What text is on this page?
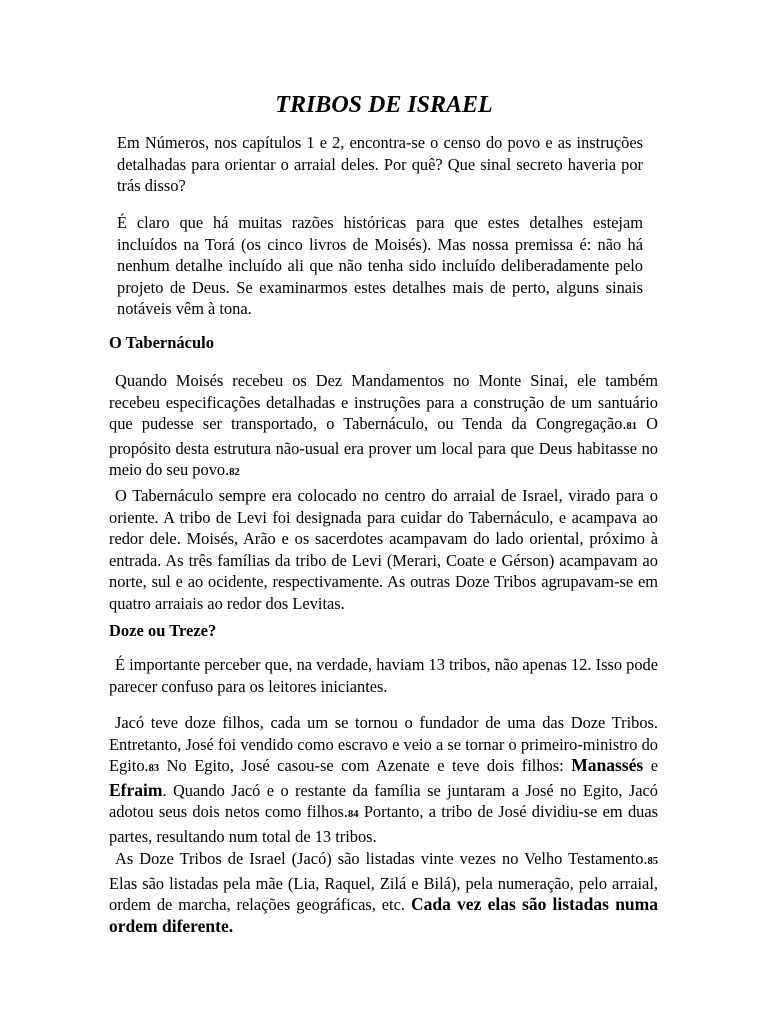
TRIBOS DE ISRAEL

Em Números, nos capítulos 1 e 2, encontra-se o censo do povo e as instruções detalhadas para orientar o arraial deles. Por quê? Que sinal secreto haveria por trás disso?

É claro que há muitas razões históricas para que estes detalhes estejam incluídos na Torá (os cinco livros de Moisés). Mas nossa premissa é: não há nenhum detalhe incluído ali que não tenha sido incluído deliberadamente pelo projeto de Deus. Se examinarmos estes detalhes mais de perto, alguns sinais notáveis vêm à tona.

O Tabernáculo

Quando Moisés recebeu os Dez Mandamentos no Monte Sinai, ele também recebeu especificações detalhadas e instruções para a construção de um santuário que pudesse ser transportado, o Tabernáculo, ou Tenda da Congregação.81 O propósito desta estrutura não-usual era prover um local para que Deus habitasse no meio do seu povo.82

O Tabernáculo sempre era colocado no centro do arraial de Israel, virado para o oriente. A tribo de Levi foi designada para cuidar do Tabernáculo, e acampava ao redor dele. Moisés, Arão e os sacerdotes acampavam do lado oriental, próximo à entrada. As três famílias da tribo de Levi (Merari, Coate e Gérson) acampavam ao norte, sul e ao ocidente, respectivamente. As outras Doze Tribos agrupavam-se em quatro arraiais ao redor dos Levitas.

Doze ou Treze?

É importante perceber que, na verdade, haviam 13 tribos, não apenas 12. Isso pode parecer confuso para os leitores iniciantes.

Jacó teve doze filhos, cada um se tornou o fundador de uma das Doze Tribos. Entretanto, José foi vendido como escravo e veio a se tornar o primeiro-ministro do Egito.83 No Egito, José casou-se com Azenate e teve dois filhos: Manassés e Efraim. Quando Jacó e o restante da família se juntaram a José no Egito, Jacó adotou seus dois netos como filhos.84 Portanto, a tribo de José dividiu-se em duas partes, resultando num total de 13 tribos.

As Doze Tribos de Israel (Jacó) são listadas vinte vezes no Velho Testamento.85 Elas são listadas pela mãe (Lia, Raquel, Zilá e Bilá), pela numeração, pelo arraial, ordem de marcha, relações geográficas, etc. Cada vez elas são listadas numa ordem diferente.
